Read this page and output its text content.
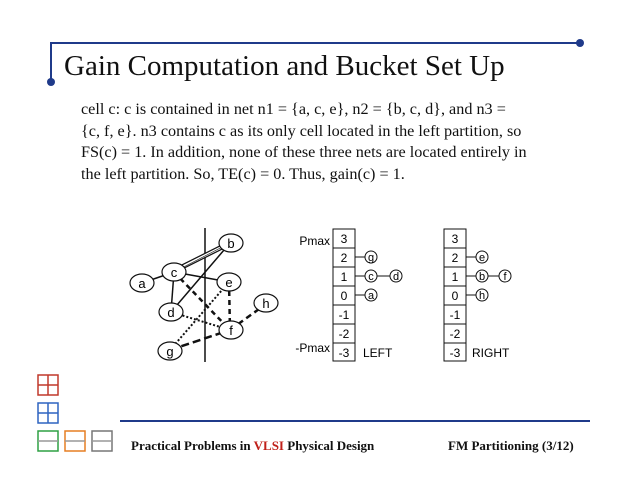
Gain Computation and Bucket Set Up
cell c: c is contained in net n1 = {a, c, e}, n2 = {b, c, d}, and n3 =
{c, f, e}. n3 contains c as its only cell located in the left partition, so
FS(c) = 1. In addition, none of these three nets are located entirely in
the left partition. So, TE(c) = 0. Thus, gain(c) = 1.
a
b
c
d
e
f
g
h
Pmax
-Pmax
3
2
1
0
-1
-2
-3
g
c d
a
LEFT
3
2
1
0
-1
-2
-3
e
b f
h
RIGHT
Practical Problems in VLSI Physical Design	FM Partitioning (3/12)
